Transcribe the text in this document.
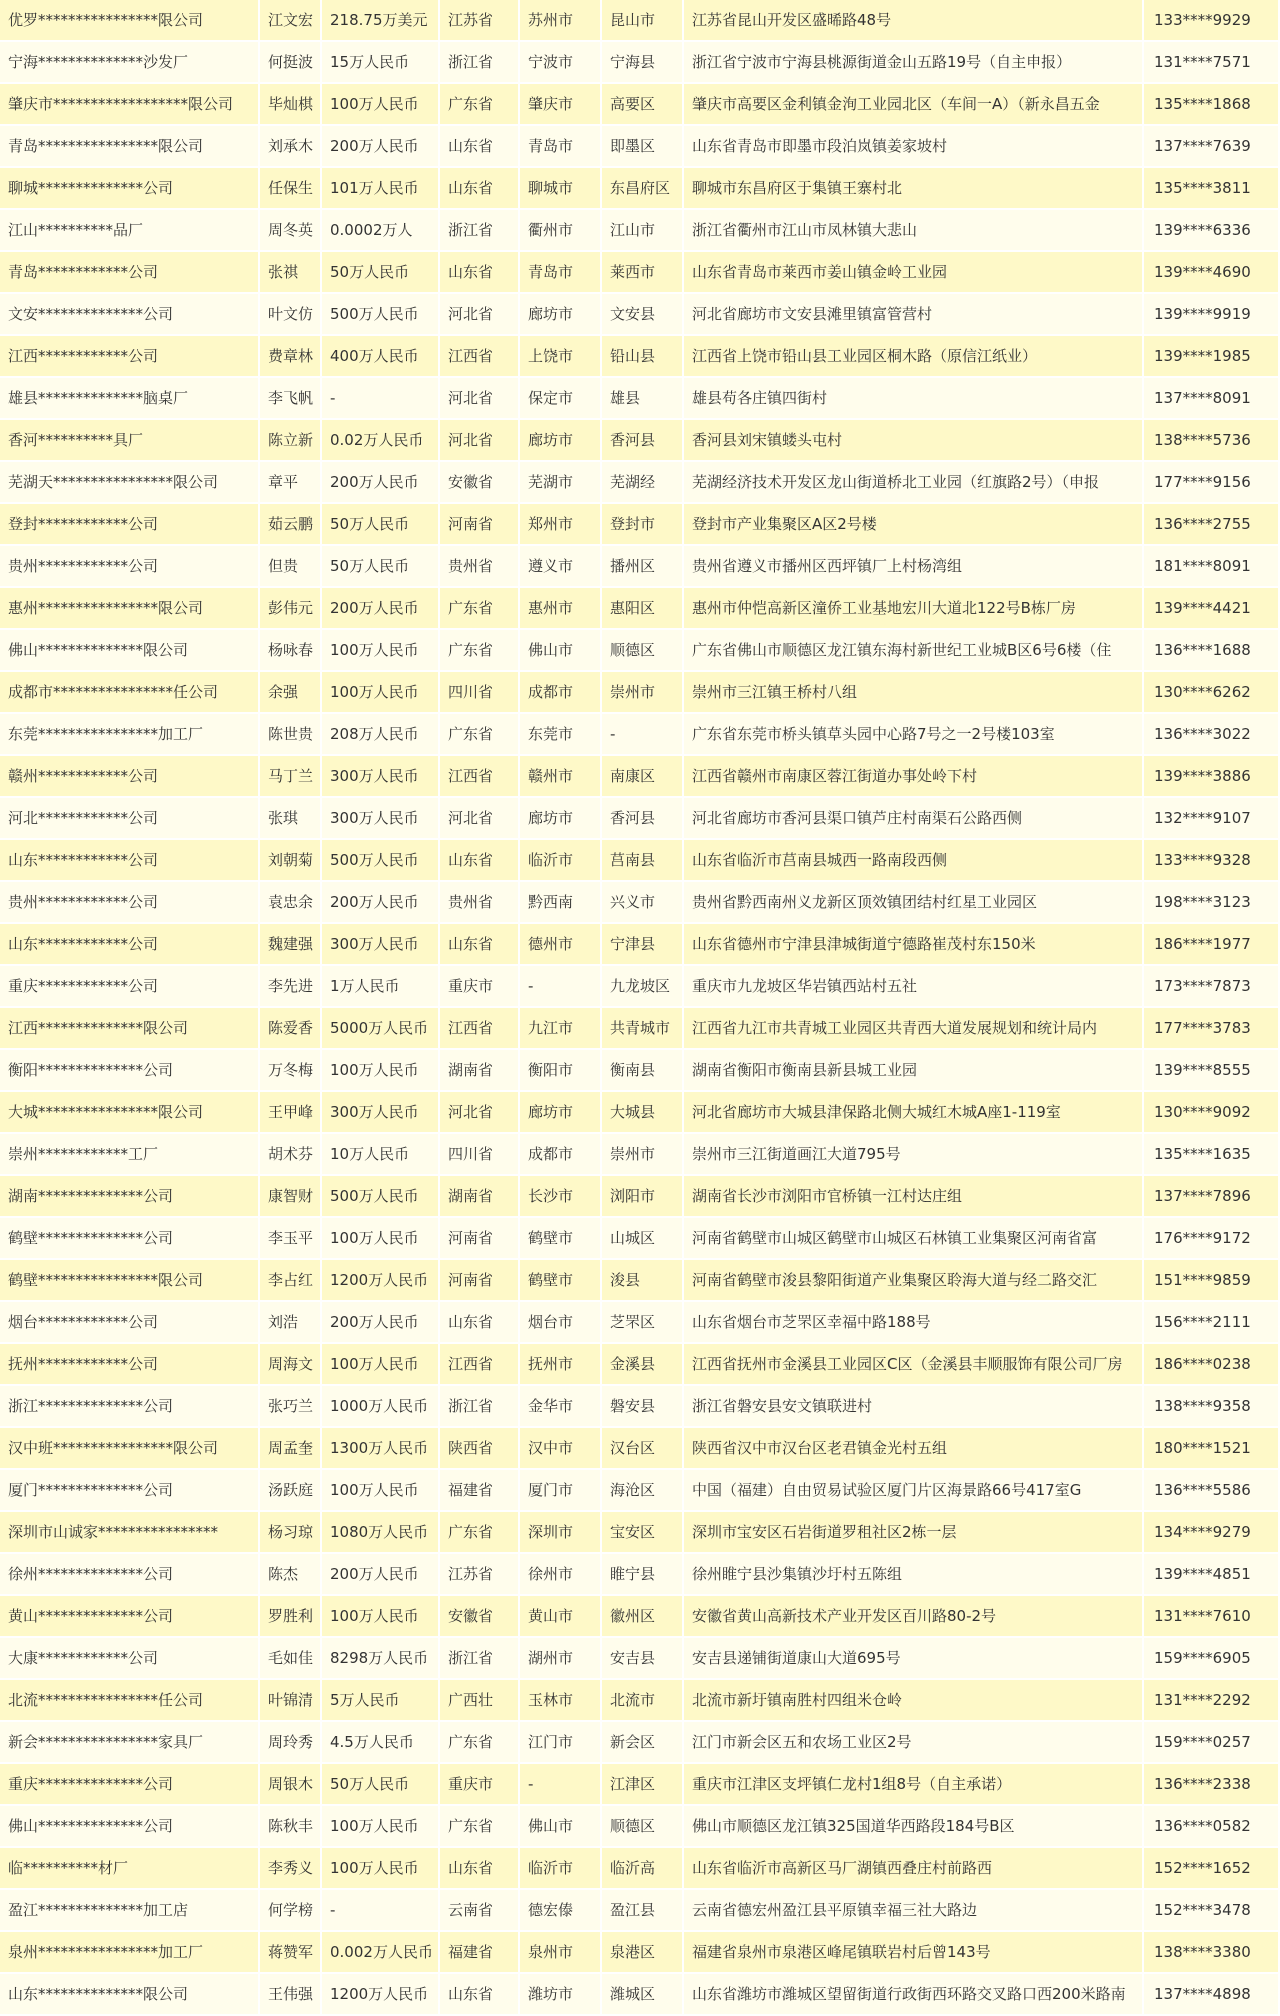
优罗****************限公司	江文宏	218.75万美元	江苏省	苏州市	昆山市	江苏省昆山开发区盛晞路48号	133****9929
宁海**************沙发厂	何挺波	15万人民币	浙江省	宁波市	宁海县	浙江省宁波市宁海县桃源街道金山五路19号（自主申报）	131****7571
肇庆市******************限公司	毕灿棋	100万人民币	广东省	肇庆市	高要区	肇庆市高要区金利镇金洵工业园北区（车间一A）（新永昌五金	135****1868
青岛****************限公司	刘承木	200万人民币	山东省	青岛市	即墨区	山东省青岛市即墨市段泊岚镇姜家坡村	137****7639
聊城**************公司	任保生	101万人民币	山东省	聊城市	东昌府区	聊城市东昌府区于集镇王寨村北	135****3811
江山**********品厂	周冬英	0.0002万人	浙江省	衢州市	江山市	浙江省衢州市江山市凤林镇大悲山	139****6336
青岛************公司	张祺	50万人民币	山东省	青岛市	莱西市	山东省青岛市莱西市姜山镇金岭工业园	139****4690
文安**************公司	叶文仿	500万人民币	河北省	廊坊市	文安县	河北省廊坊市文安县滩里镇富管营村	139****9919
江西************公司	费章林	400万人民币	江西省	上饶市	铅山县	江西省上饶市铅山县工业园区桐木路（原信江纸业）	139****1985
雄县**************脑桌厂	李飞帆	-	河北省	保定市	雄县	雄县苟各庄镇四街村	137****8091
香河**********具厂	陈立新	0.02万人民币	河北省	廊坊市	香河县	香河县刘宋镇蝼头屯村	138****5736
芜湖天****************限公司	章平	200万人民币	安徽省	芜湖市	芜湖经	芜湖经济技术开发区龙山街道桥北工业园（红旗路2号）（申报	177****9156
登封************公司	茹云鹏	50万人民币	河南省	郑州市	登封市	登封市产业集聚区A区2号楼	136****2755
贵州************公司	但贵	50万人民币	贵州省	遵义市	播州区	贵州省遵义市播州区西坪镇厂上村杨湾组	181****8091
惠州****************限公司	彭伟元	200万人民币	广东省	惠州市	惠阳区	惠州市仲恺高新区潼侨工业基地宏川大道北122号B栋厂房	139****4421
佛山**************限公司	杨咏春	100万人民币	广东省	佛山市	顺德区	广东省佛山市顺德区龙江镇东海村新世纪工业城B区6号6楼（住	136****1688
成都市****************任公司	余强	100万人民币	四川省	成都市	崇州市	崇州市三江镇王桥村八组	130****6262
东莞****************加工厂	陈世贵	208万人民币	广东省	东莞市	-	广东省东莞市桥头镇草头园中心路7号之一2号楼103室	136****3022
赣州************公司	马丁兰	300万人民币	江西省	赣州市	南康区	江西省赣州市南康区蓉江街道办事处岭下村	139****3886
河北************公司	张琪	300万人民币	河北省	廊坊市	香河县	河北省廊坊市香河县渠口镇芦庄村南渠石公路西侧	132****9107
山东************公司	刘朝菊	500万人民币	山东省	临沂市	莒南县	山东省临沂市莒南县城西一路南段西侧	133****9328
贵州************公司	袁忠余	200万人民币	贵州省	黔西南	兴义市	贵州省黔西南州义龙新区顶效镇团结村红星工业园区	198****3123
山东************公司	魏建强	300万人民币	山东省	德州市	宁津县	山东省德州市宁津县津城街道宁德路崔茂村东150米	186****1977
重庆************公司	李先进	1万人民币	重庆市	-	九龙坡区	重庆市九龙坡区华岩镇西站村五社	173****7873
江西**************限公司	陈爱香	5000万人民币	江西省	九江市	共青城市	江西省九江市共青城工业园区共青西大道发展规划和统计局内	177****3783
衡阳**************公司	万冬梅	100万人民币	湖南省	衡阳市	衡南县	湖南省衡阳市衡南县新县城工业园	139****8555
大城****************限公司	王甲峰	300万人民币	河北省	廊坊市	大城县	河北省廊坊市大城县津保路北侧大城红木城A座1-119室	130****9092
崇州************工厂	胡术芬	10万人民币	四川省	成都市	崇州市	崇州市三江街道画江大道795号	135****1635
湖南**************公司	康智财	500万人民币	湖南省	长沙市	浏阳市	湖南省长沙市浏阳市官桥镇一江村达庄组	137****7896
鹤壁**************公司	李玉平	100万人民币	河南省	鹤壁市	山城区	河南省鹤壁市山城区鹤壁市山城区石林镇工业集聚区河南省富	176****9172
鹤壁****************限公司	李占红	1200万人民币	河南省	鹤壁市	浚县	河南省鹤壁市浚县黎阳街道产业集聚区聆海大道与经二路交汇	151****9859
烟台************公司	刘浩	200万人民币	山东省	烟台市	芝罘区	山东省烟台市芝罘区幸福中路188号	156****2111
抚州************公司	周海文	100万人民币	江西省	抚州市	金溪县	江西省抚州市金溪县工业园区C区（金溪县丰顺服饰有限公司厂房	186****0238
浙江**************公司	张巧兰	1000万人民币	浙江省	金华市	磐安县	浙江省磐安县安文镇联进村	138****9358
汉中班****************限公司	周孟奎	1300万人民币	陕西省	汉中市	汉台区	陕西省汉中市汉台区老君镇金光村五组	180****1521
厦门**************公司	汤跃庭	100万人民币	福建省	厦门市	海沧区	中国（福建）自由贸易试验区厦门片区海景路66号417室G	136****5586
深圳市山诚家****************	杨习琼	1080万人民币	广东省	深圳市	宝安区	深圳市宝安区石岩街道罗租社区2栋一层	134****9279
徐州**************公司	陈杰	200万人民币	江苏省	徐州市	睢宁县	徐州睢宁县沙集镇沙圩村五陈组	139****4851
黄山**************公司	罗胜利	100万人民币	安徽省	黄山市	徽州区	安徽省黄山高新技术产业开发区百川路80-2号	131****7610
大康************公司	毛如佳	8298万人民币	浙江省	湖州市	安吉县	安吉县递铺街道康山大道695号	159****6905
北流****************任公司	叶锦清	5万人民币	广西壮	玉林市	北流市	北流市新圩镇南胜村四组米仓岭	131****2292
新会****************家具厂	周玲秀	4.5万人民币	广东省	江门市	新会区	江门市新会区五和农场工业区2号	159****0257
重庆**************公司	周银木	50万人民币	重庆市	-	江津区	重庆市江津区支坪镇仁龙村1组8号（自主承诺）	136****2338
佛山**************公司	陈秋丰	100万人民币	广东省	佛山市	顺德区	佛山市顺德区龙江镇325国道华西路段184号B区	136****0582
临**********材厂	李秀义	100万人民币	山东省	临沂市	临沂高	山东省临沂市高新区马厂湖镇西叠庄村前路西	152****1652
盈江**************加工店	何学榜	-	云南省	德宏傣	盈江县	云南省德宏州盈江县平原镇幸福三社大路边	152****3478
泉州****************加工厂	蒋赞军	0.002万人民币	福建省	泉州市	泉港区	福建省泉州市泉港区峰尾镇联岩村后曾143号	138****3380
山东**************限公司	王伟强	1200万人民币	山东省	潍坊市	潍城区	山东省潍坊市潍城区望留街道行政街西环路交叉路口西200米路南	137****4898
